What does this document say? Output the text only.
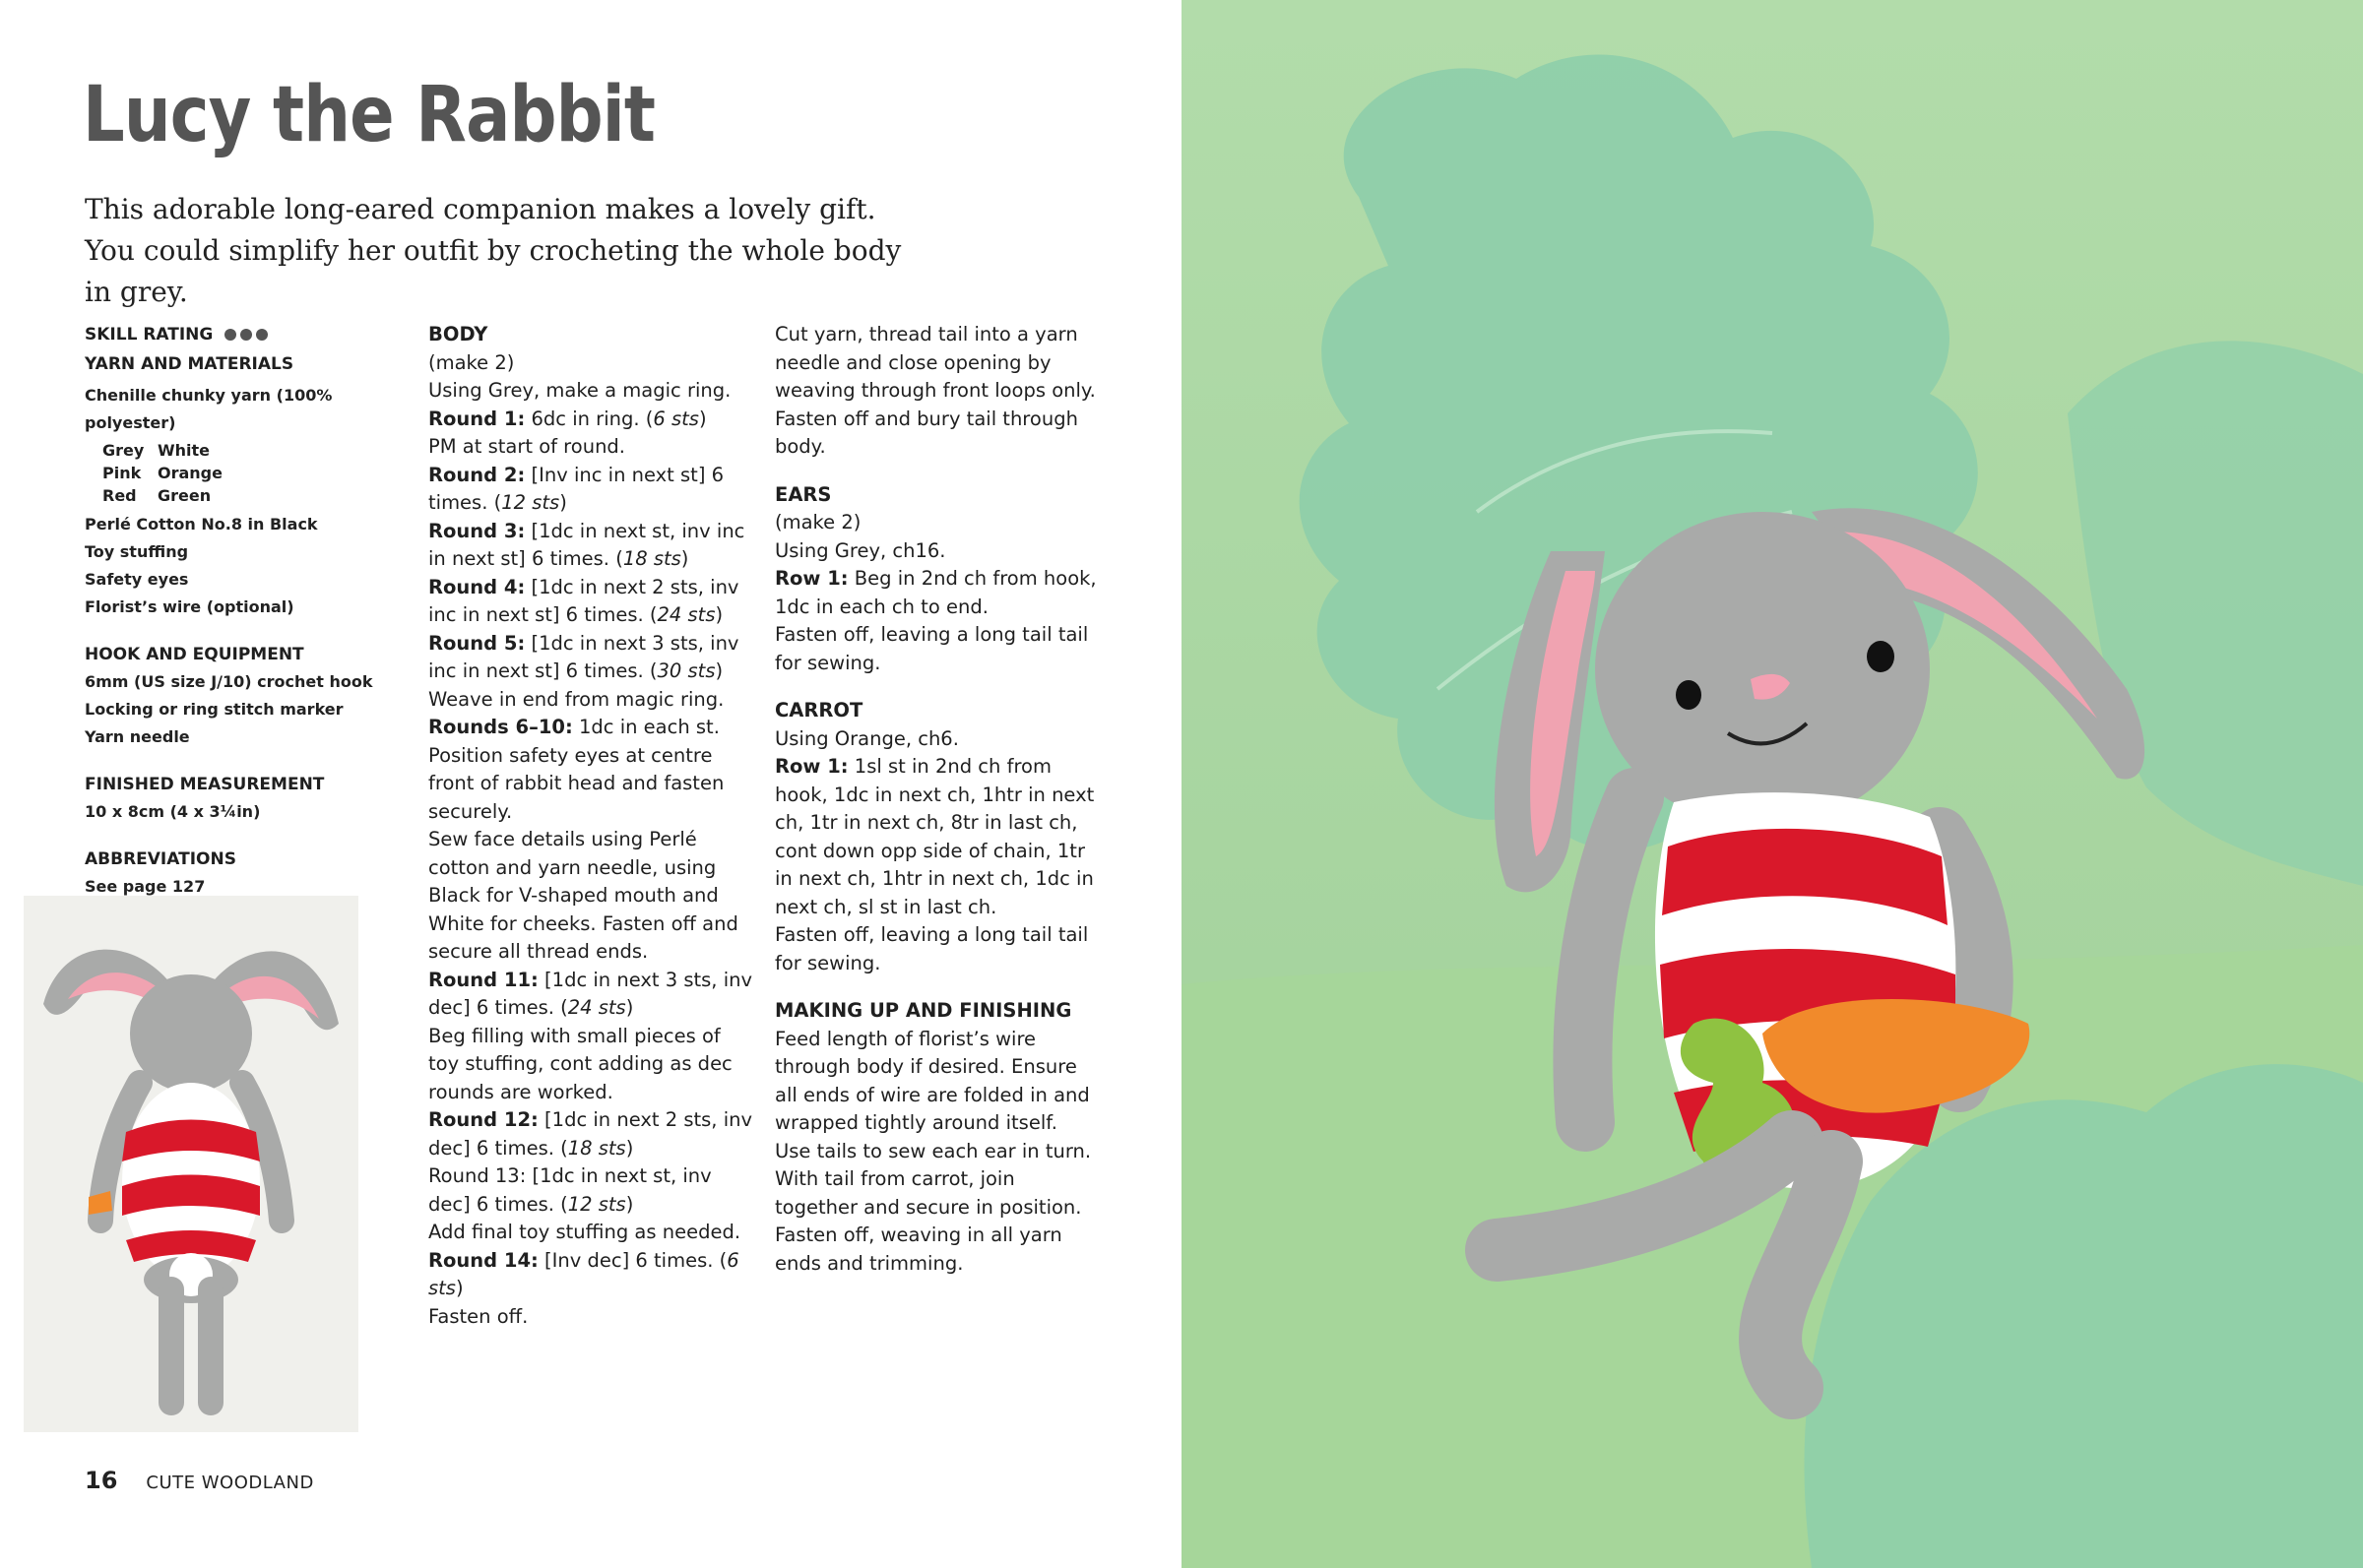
Lucy the Rabbit

This adorable long-eared companion makes a lovely gift. You could simplify her outfit by crocheting the whole body in grey.

SKILL RATING
YARN AND MATERIALS
Chenille chunky yarn (100% polyester)
Grey White
Pink	Orange
Red	Green
Perlé Cotton No.8 in Black
Toy stuffing
Safety eyes
Florist’s wire (optional)
HOOK AND EQUIPMENT
6mm (US size J/10) crochet hook
Locking or ring stitch marker
Yarn needle
FINISHED MEASUREMENT
10 x 8cm (4 x 3¼in)
ABBREVIATIONS
See page 127
BODY
(make 2)
Using Grey, make a magic ring.
Round 1: 6dc in ring. (6 sts)
PM at start of round.
Round 2: [Inv inc in next st] 6 times. (12 sts)
Round 3: [1dc in next st, inv inc in next st] 6 times. (18 sts)
Round 4: [1dc in next 2 sts, inv inc in next st] 6 times. (24 sts)
Round 5: [1dc in next 3 sts, inv inc in next st] 6 times. (30 sts)
Weave in end from magic ring.
Rounds 6–10: 1dc in each st.
Position safety eyes at centre front of rabbit head and fasten securely.
Sew face details using Perlé cotton and yarn needle, using Black for V-shaped mouth and White for cheeks. Fasten off and secure all thread ends.
Round 11: [1dc in next 3 sts, inv dec] 6 times. (24 sts)
Beg filling with small pieces of toy stuffing, cont adding as dec rounds are worked.
Round 12: [1dc in next 2 sts, inv dec] 6 times. (18 sts)
Round 13: [1dc in next st, inv dec] 6 times. (12 sts)
Add final toy stuffing as needed.
Round 14: [Inv dec] 6 times. (6 sts)
Fasten off.
Cut yarn, thread tail into a yarn needle and close opening by weaving through front loops only. Fasten off and bury tail through body.
EARS
(make 2)
Using Grey, ch16.
Row 1: Beg in 2nd ch from hook, 1dc in each ch to end.
Fasten off, leaving a long tail tail for sewing.
CARROT
Using Orange, ch6.
Row 1: 1sl st in 2nd ch from hook, 1dc in next ch, 1htr in next ch, 1tr in next ch, 8tr in last ch, cont down opp side of chain, 1tr in next ch, 1htr in next ch, 1dc in next ch, sl st in last ch.
Fasten off, leaving a long tail tail for sewing.
MAKING UP AND FINISHING
Feed length of florist’s wire through body if desired. Ensure all ends of wire are folded in and wrapped tightly around itself.
Use tails to sew each ear in turn.
With tail from carrot, join together and secure in position.
Fasten off, weaving in all yarn ends and trimming.
16 CUTE WOODLAND
